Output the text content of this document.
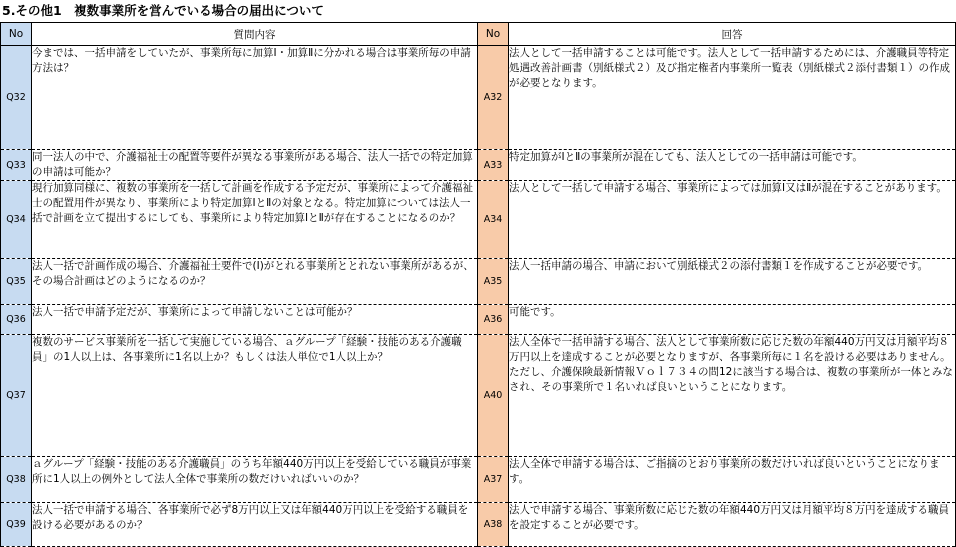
5.その他1　複数事業所を営んでいる場合の届出について
No	質問内容	No	回答
Q32	今までは、一括申請をしていたが、事業所毎に加算Ⅰ・加算Ⅱに分かれる場合は事業所毎の申請方法は？	A32	法人として一括申請することは可能です。法人として一括申請するためには、介護職員等特定処遇改善計画書（別紙様式２）及び指定権者内事業所一覧表（別紙様式２添付書類１）の作成が必要となります。
Q33	同一法人の中で、介護福祉士の配置等要件が異なる事業所がある場合、法人一括での特定加算の申請は可能か？	A33	特定加算がⅠとⅡの事業所が混在しても、法人としての一括申請は可能です。
Q34	現行加算同様に、複数の事業所を一括して計画を作成する予定だが、事業所によって介護福祉士の配置用件が異なり、事業所により特定加算ⅠとⅡの対象となる。特定加算については法人一括で計画を立て提出するにしても、事業所により特定加算ⅠとⅡが存在することになるのか？	A34	法人として一括して申請する場合、事業所によっては加算Ⅰ又はⅡが混在することがあります。
Q35	法人一括で計画作成の場合、介護福祉士要件で(Ⅰ)がとれる事業所ととれない事業所があるが、その場合計画はどのようになるのか？	A35	法人一括申請の場合、申請において別紙様式２の添付書類１を作成することが必要です。
Q36	法人一括で申請予定だが、事業所によって申請しないことは可能か？	A36	可能です。
Q37	複数のサービス事業所を一括して実施している場合、ａグループ「経験・技能のある介護職員」の1人以上は、各事業所に1名以上か？もしくは法人単位で1人以上か？	A40	法人全体で一括申請する場合、法人として事業所数に応じた数の年額440万円又は月額平均８万円以上を達成することが必要となりますが、各事業所毎に１名を設ける必要はありません。
ただし、介護保険最新情報Ｖｏｌ７３４の問12に該当する場合は、複数の事業所が一体とみなされ、その事業所で１名いれば良いということになります。
Q38	ａグループ「経験・技能のある介護職員」のうち年額440万円以上を受給している職員が事業所に1人以上の例外として法人全体で事業所の数だけいればいいのか？	A37	法人全体で申請する場合は、ご指摘のとおり事業所の数だけいれば良いということになります。
Q39	法人一括で申請する場合、各事業所で必ず8万円以上又は年額440万円以上を受給する職員を設ける必要があるのか？	A38	法人で申請する場合、事業所数に応じた数の年額440万円又は月額平均８万円を達成する職員を設定することが必要です。
